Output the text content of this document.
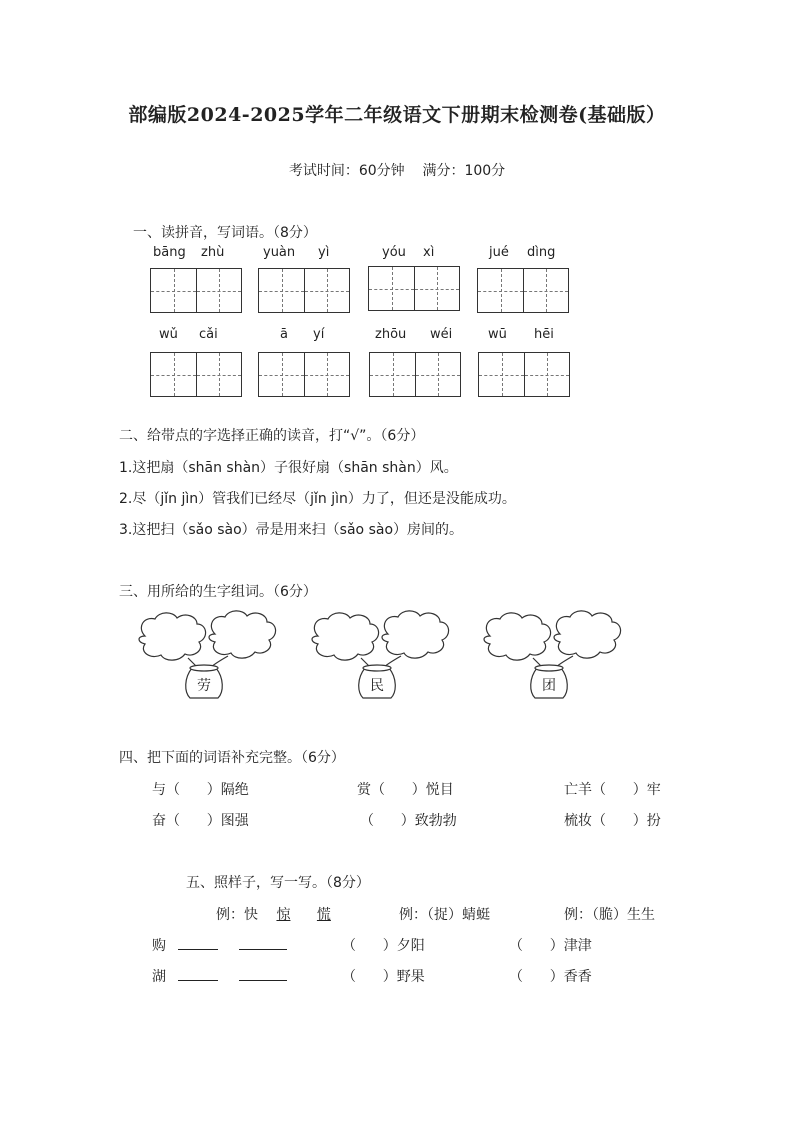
部编版2024-2025学年二年级语文下册期末检测卷(基础版）
考试时间：60分钟    满分：100分
一、读拼音，写词语。（8分）
bāng zhù	yuàn yì	yóu xì	jué dìng
wǔ cǎi	ā yí	zhōu wéi	wū hēi
二、给带点的字选择正确的读音，打“√”。（6分）
1.这把扇（shān shàn）子很好扇（shān shàn）风。
2.尽（jǐn jìn）管我们已经尽（jǐn jìn）力了，但还是没能成功。
3.这把扫（sǎo sào）帚是用来扫（sǎo sào）房间的。
三、用所给的生字组词。（6分）
劳	民	团
四、把下面的词语补充完整。（6分）
与（      ）隔绝	赏（      ）悦目	亡羊（      ）牢
奋（      ）图强	（      ）致勃勃	梳妆（      ）扮
五、照样子，写一写。（8分）
例：快 惊 慌	例：（捉）蜻蜓	例：（脆）生生
购	（      ）夕阳	（      ）津津
湖	（      ）野果	（      ）香香
